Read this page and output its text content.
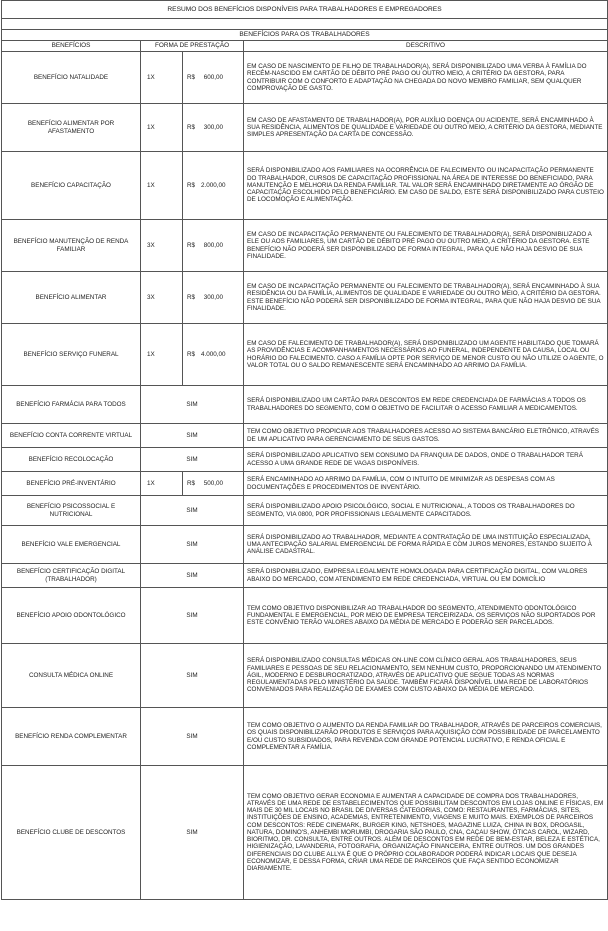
RESUMO DOS BENEFÍCIOS DISPONÍVEIS PARA TRABALHADORES E EMPREGADORES			

BENEFÍCIOS PARA OS TRABALHADORES			
BENEFÍCIOS	FORMA DE PRESTAÇÃO		DESCRITIVO
BENEFÍCIO NATALIDADE	1X	R$ 600,00	EM CASO DE NASCIMENTO DE FILHO DE TRABALHADOR(A), SERÁ DISPONIBILIZADO UMA VERBA À FAMÍLIA DO RECÉM-NASCIDO EM CARTÃO DE DÉBITO PRÉ PAGO OU OUTRO MEIO, A CRITÉRIO DA GESTORA, PARA CONTRIBUIR COM O CONFORTO E ADAPTAÇÃO NA CHEGADA DO NOVO MEMBRO FAMILIAR, SEM QUALQUER COMPROVAÇÃO DE GASTO.
BENEFÍCIO ALIMENTAR POR AFASTAMENTO	1X	R$ 300,00	EM CASO DE AFASTAMENTO DE TRABALHADOR(A), POR AUXÍLIO DOENÇA OU ACIDENTE, SERÁ ENCAMINHADO À SUA RESIDÊNCIA, ALIMENTOS DE QUALIDADE E VARIEDADE OU OUTRO MEIO, A CRITÉRIO DA GESTORA, MEDIANTE SIMPLES APRESENTAÇÃO DA CARTA DE CONCESSÃO.
BENEFÍCIO CAPACITAÇÃO	1X	R$ 2.000,00	SERÁ DISPONIBILIZADO AOS FAMILIARES NA OCORRÊNCIA DE FALECIMENTO OU INCAPACITAÇÃO PERMANENTE DO TRABALHADOR, CURSOS DE CAPACITAÇÃO PROFISSIONAL NA ÁREA DE INTERESSE DO BENEFICIADO, PARA MANUTENÇÃO E MELHORIA DA RENDA FAMILIAR. TAL VALOR SERÁ ENCAMINHADO DIRETAMENTE AO ÓRGÃO DE CAPACITAÇÃO ESCOLHIDO PELO BENEFICIÁRIO. EM CASO DE SALDO, ESTE SERÁ DISPONIBILIZADO PARA CUSTEIO DE LOCOMOÇÃO E ALIMENTAÇÃO.
BENEFÍCIO MANUTENÇÃO DE RENDA FAMILIAR	3X	R$ 800,00	EM CASO DE INCAPACITAÇÃO PERMANENTE OU FALECIMENTO DE TRABALHADOR(A), SERÁ DISPONIBILIZADO A ELE OU AOS FAMILIARES, UM CARTÃO DE DÉBITO PRÉ PAGO OU OUTRO MEIO, A CRITÉRIO DA GESTORA. ESTE BENEFÍCIO NÃO PODERÁ SER DISPONIBILIZADO DE FORMA INTEGRAL, PARA QUE NÃO HAJA DESVIO DE SUA FINALIDADE.
BENEFÍCIO ALIMENTAR	3X	R$ 300,00	EM CASO DE INCAPACITAÇÃO PERMANENTE OU FALECIMENTO DE TRABALHADOR(A), SERÁ ENCAMINHADO À SUA RESIDÊNCIA OU DA FAMÍLIA, ALIMENTOS DE QUALIDADE E VARIEDADE OU OUTRO MEIO, A CRITÉRIO DA GESTORA. ESTE BENEFÍCIO NÃO PODERÁ SER DISPONIBILIZADO DE FORMA INTEGRAL, PARA QUE NÃO HAJA DESVIO DE SUA FINALIDADE.
BENEFÍCIO SERVIÇO FUNERAL	1X	R$ 4.000,00	EM CASO DE FALECIMENTO DE TRABALHADOR(A), SERÁ DISPONIBILIZADO UM AGENTE HABILITADO QUE TOMARÁ AS PROVIDÊNCIAS E ACOMPANHAMENTOS NECESSÁRIOS AO FUNERAL, INDEPENDENTE DA CAUSA, LOCAL OU HORÁRIO DO FALECIMENTO. CASO A FAMÍLIA OPTE POR SERVIÇO DE MENOR CUSTO OU NÃO UTILIZE O AGENTE, O VALOR TOTAL OU O SALDO REMANESCENTE SERÁ ENCAMINHADO AO ARRIMO DA FAMÍLIA.
BENEFÍCIO FARMÁCIA PARA TODOS	SIM		SERÁ DISPONIBILIZADO UM CARTÃO PARA DESCONTOS EM REDE CREDENCIADA DE FARMÁCIAS A TODOS OS TRABALHADORES DO SEGMENTO, COM O OBJETIVO DE FACILITAR O ACESSO FAMILIAR A MEDICAMENTOS.
BENEFÍCIO CONTA CORRENTE VIRTUAL	SIM		TEM COMO OBJETIVO PROPICIAR AOS TRABALHADORES ACESSO AO SISTEMA BANCÁRIO ELETRÔNICO, ATRAVÉS DE UM APLICATIVO PARA GERENCIAMENTO DE SEUS GASTOS.
BENEFÍCIO RECOLOCAÇÃO	SIM		SERÁ DISPONIBILIZADO APLICATIVO SEM CONSUMO DA FRANQUIA DE DADOS, ONDE O TRABALHADOR TERÁ ACESSO A UMA GRANDE REDE DE VAGAS DISPONÍVEIS.
BENEFÍCIO PRÉ-INVENTÁRIO	1X	R$ 500,00	SERÁ ENCAMINHADO AO ARRIMO DA FAMÍLIA, COM O INTUITO DE MINIMIZAR AS DESPESAS COM AS DOCUMENTAÇÕES E PROCEDIMENTOS DE INVENTÁRIO.
BENEFÍCIO PSICOSSOCIAL E NUTRICIONAL	SIM		SERÁ DISPONIBILIZADO APOIO PSICOLÓGICO, SOCIAL E NUTRICIONAL, A TODOS OS TRABALHADORES DO SEGMENTO, VIA 0800, POR PROFISSIONAIS LEGALMENTE CAPACITADOS.
BENEFÍCIO VALE EMERGENCIAL	SIM		SERÁ DISPONIBILIZADO AO TRABALHADOR, MEDIANTE A CONTRATAÇÃO DE UMA INSTITUIÇÃO ESPECIALIZADA, UMA ANTECIPAÇÃO SALARIAL EMERGENCIAL DE FORMA RÁPIDA E COM JUROS MENORES, ESTANDO SUJEITO À ANÁLISE CADASTRAL.
BENEFÍCIO CERTIFICAÇÃO DIGITAL (TRABALHADOR)	SIM		SERÁ DISPONIBILIZADO, EMPRESA LEGALMENTE HOMOLOGADA PARA CERTIFICAÇÃO DIGITAL, COM VALORES ABAIXO DO MERCADO, COM ATENDIMENTO EM REDE CREDENCIADA, VIRTUAL OU EM DOMICÍLIO
BENEFÍCIO APOIO ODONTOLÓGICO	SIM		TEM COMO OBJETIVO DISPONIBILIZAR AO TRABALHADOR DO SEGMENTO, ATENDIMENTO ODONTOLÓGICO FUNDAMENTAL E EMERGENCIAL, POR MEIO DE EMPRESA TERCEIRIZADA. OS SERVIÇOS NÃO SUPORTADOS POR ESTE CONVÊNIO TERÃO VALORES ABAIXO DA MÉDIA DE MERCADO E PODERÃO SER PARCELADOS.
CONSULTA MÉDICA ONLINE	SIM		SERÁ DISPONIBILIZADO CONSULTAS MÉDICAS ON-LINE COM CLÍNICO GERAL AOS TRABALHADORES, SEUS FAMILIARES E PESSOAS DE SEU RELACIONAMENTO, SEM NENHUM CUSTO, PROPORCIONANDO UM ATENDIMENTO ÁGIL, MODERNO E DESBUROCRATIZADO, ATRAVÉS DE APLICATIVO QUE SEGUE TODAS AS NORMAS REGULAMENTADAS PELO MINISTÉRIO DA SAÚDE. TAMBÉM FICARÁ DISPONÍVEL UMA REDE DE LABORATÓRIOS CONVENIADOS PARA REALIZAÇÃO DE EXAMES COM CUSTO ABAIXO DA MÉDIA DE MERCADO.
BENEFÍCIO RENDA COMPLEMENTAR	SIM		TEM COMO OBJETIVO O AUMENTO DA RENDA FAMILIAR DO TRABALHADOR, ATRAVÉS DE PARCEIROS COMERCIAIS, OS QUAIS DISPONIBILIZARÃO PRODUTOS E SERVIÇOS PARA AQUISIÇÃO COM POSSIBILIDADE DE PARCELAMENTO E/OU CUSTO SUBSIDIADOS, PARA REVENDA COM GRANDE POTENCIAL LUCRATIVO, E RENDA OFICIAL E COMPLEMENTAR A FAMÍLIA.
BENEFÍCIO CLUBE DE DESCONTOS	SIM		TEM COMO OBJETIVO GERAR ECONOMIA E AUMENTAR A CAPACIDADE DE COMPRA DOS TRABALHADORES, ATRAVÉS DE UMA REDE DE ESTABELECIMENTOS QUE POSSIBILITAM DESCONTOS EM LOJAS ONLINE E FÍSICAS, EM MAIS DE 30 MIL LOCAIS NO BRASIL DE DIVERSAS CATEGORIAS, COMO: RESTAURANTES, FARMÁCIAS, SITES, INSTITUIÇÕES DE ENSINO, ACADEMIAS, ENTRETENIMENTO, VIAGENS E MUITO MAIS. EXEMPLOS DE PARCEIROS COM DESCONTOS: REDE CINEMARK, BURGER KING, NETSHOES, MAGAZINE LUIZA, CHINA IN BOX, DROGASIL, NATURA, DOMINO'S, ANHEMBI MORUMBI, DROGARIA SÃO PAULO, CNA, CAÇAU SHOW, ÓTICAS CAROL, WIZARD, BIORITMO, DR. CONSULTA, ENTRE OUTROS. ALÉM DE DESCONTOS EM REDE DE BEM-ESTAR, BELEZA E ESTÉTICA, HIGIENIZAÇÃO, LAVANDERIA, FOTOGRAFIA, ORGANIZAÇÃO FINANCEIRA, ENTRE OUTROS. UM DOS GRANDES DIFERENCIAIS DO CLUBE ALLYA É QUE O PRÓPRIO COLABORADOR PODERÁ INDICAR LOCAIS QUE DESEJA ECONOMIZAR, E DESSA FORMA, CRIAR UMA REDE DE PARCEIROS QUE FAÇA SENTIDO ECONOMIZAR DIARIAMENTE.
